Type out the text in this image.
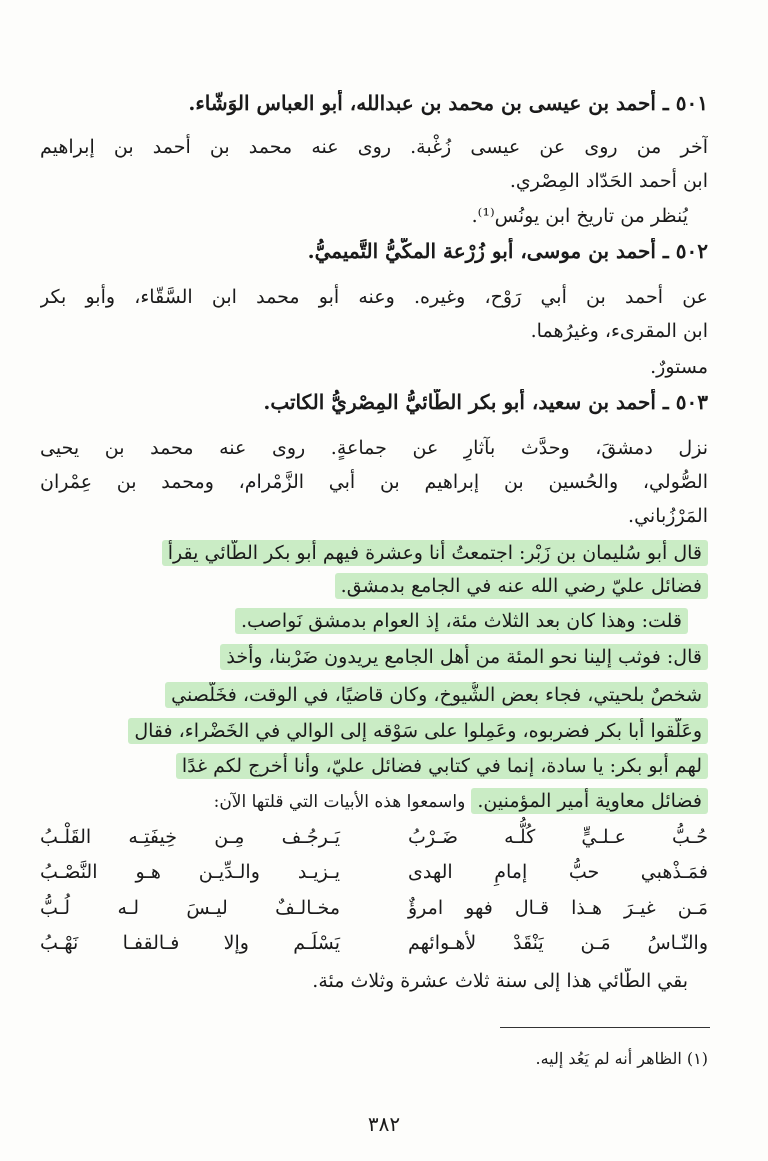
٥٠١ ـ أحمد بن عيسى بن محمد بن عبدالله، أبو العباس الوَشّاء.
آخر من روى عن عيسى زُغْبة. روى عنه محمد بن أحمد بن إبراهيم
ابن أحمد الحَدّاد المِصْري.
يُنظر من تاريخ ابن يونُس⁽¹⁾.
٥٠٢ ـ أحمد بن موسى، أبو زُرْعة المكّيُّ التَّميميُّ.
عن أحمد بن أبي رَوْح، وغيره. وعنه أبو محمد ابن السَّقّاء، وأبو بكر
ابن المقرىء، وغيرُهما.
مستورٌ.
٥٠٣ ـ أحمد بن سعيد، أبو بكر الطّائيُّ المِصْريُّ الكاتب.
نزل دمشقَ، وحدَّث بآثارٍ عن جماعةٍ. روى عنه محمد بن يحيى
الصُّولي، والحُسين بن إبراهيم بن أبي الزَّمْرام، ومحمد بن عِمْران
المَرْزُباني.
قال أبو سُليمان بن زَبْر: اجتمعتُ أنا وعشرة فيهم أبو بكر الطّائي يقرأ
فضائل عليّ رضي الله عنه في الجامع بدمشق.
قلت: وهذا كان بعد الثلاث مئة، إذ العوام بدمشق نَواصب.
قال: فوثب إلينا نحو المئة من أهل الجامع يريدون ضَرْبنا، وأخذ
شخصٌ بلحيتي، فجاء بعض الشُّيوخ، وكان قاضيًا، في الوقت، فخَلّصني
وعَلّقوا أبا بكر فضربوه، وعَمِلوا على سَوْقه إلى الوالي في الخَضْراء، فقال
لهم أبو بكر: يا سادة، إنما في كتابي فضائل عليّ، وأنا أُخرج لكم غدًا
فضائل معاوية أمير المؤمنين. واسمعوا هذه الأبيات التي قلتها الآن:
حُـبُّ عـلـيٍّ كُلُّـه ضَـرْبُ
يَـرجُـف مِـن خِيفَتِـه القَلْـبُ
فمَـذْهبي حبُّ إمامِ الهدى
يـزيـد والـدِّيـن هـو النَّصْـبُ
مَـن غيـرَ هـذا قـال فهو امرؤٌ
مخـالـفٌ ليـسَ لـه لُـبُّ
والنّـاسُ مَـن يَنْقَدْ لأهـوائهم
يَسْلَـم وإلا فـالقفـا نَهْـبُ
بقي الطّائي هذا إلى سنة ثلاث عشرة وثلاث مئة.
(١) الظاهر أنه لم يَعُد إليه.
٣٨٢
